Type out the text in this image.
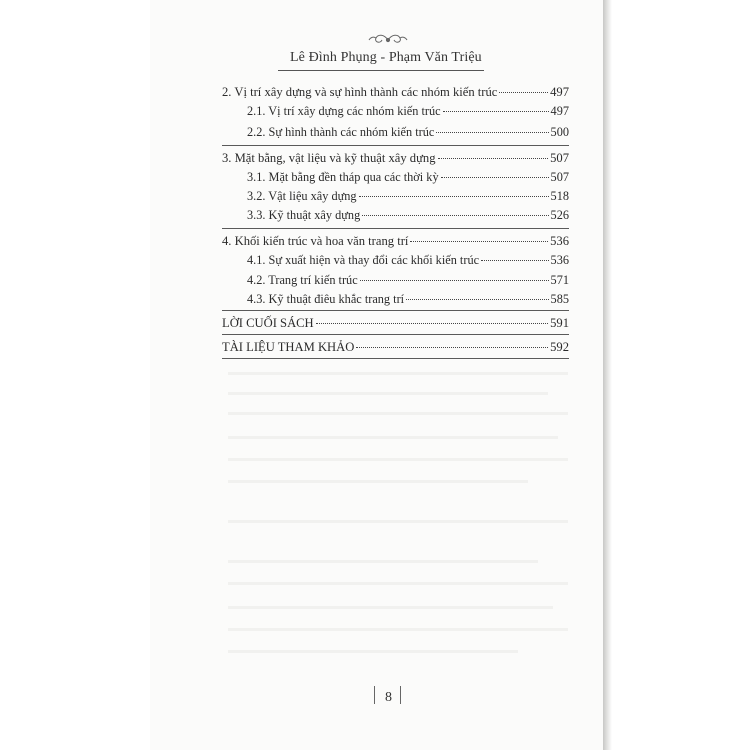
Lê Đình Phụng - Phạm Văn Triệu
2. Vị trí xây dựng và sự hình thành các nhóm kiến trúc	497
2.1. Vị trí xây dựng các nhóm kiến trúc	497
2.2. Sự hình thành các nhóm kiến trúc	500
3. Mặt bằng, vật liệu và kỹ thuật xây dựng	507
3.1. Mặt bằng đền tháp qua các thời kỳ	507
3.2. Vật liệu xây dựng	518
3.3. Kỹ thuật xây dựng	526
4. Khối kiến trúc và hoa văn trang trí	536
4.1. Sự xuất hiện và thay đổi các khối kiến trúc	536
4.2. Trang trí kiến trúc	571
4.3. Kỹ thuật điêu khắc trang trí	585
LỜI CUỐI SÁCH	591
TÀI LIỆU THAM KHẢO	592
8
